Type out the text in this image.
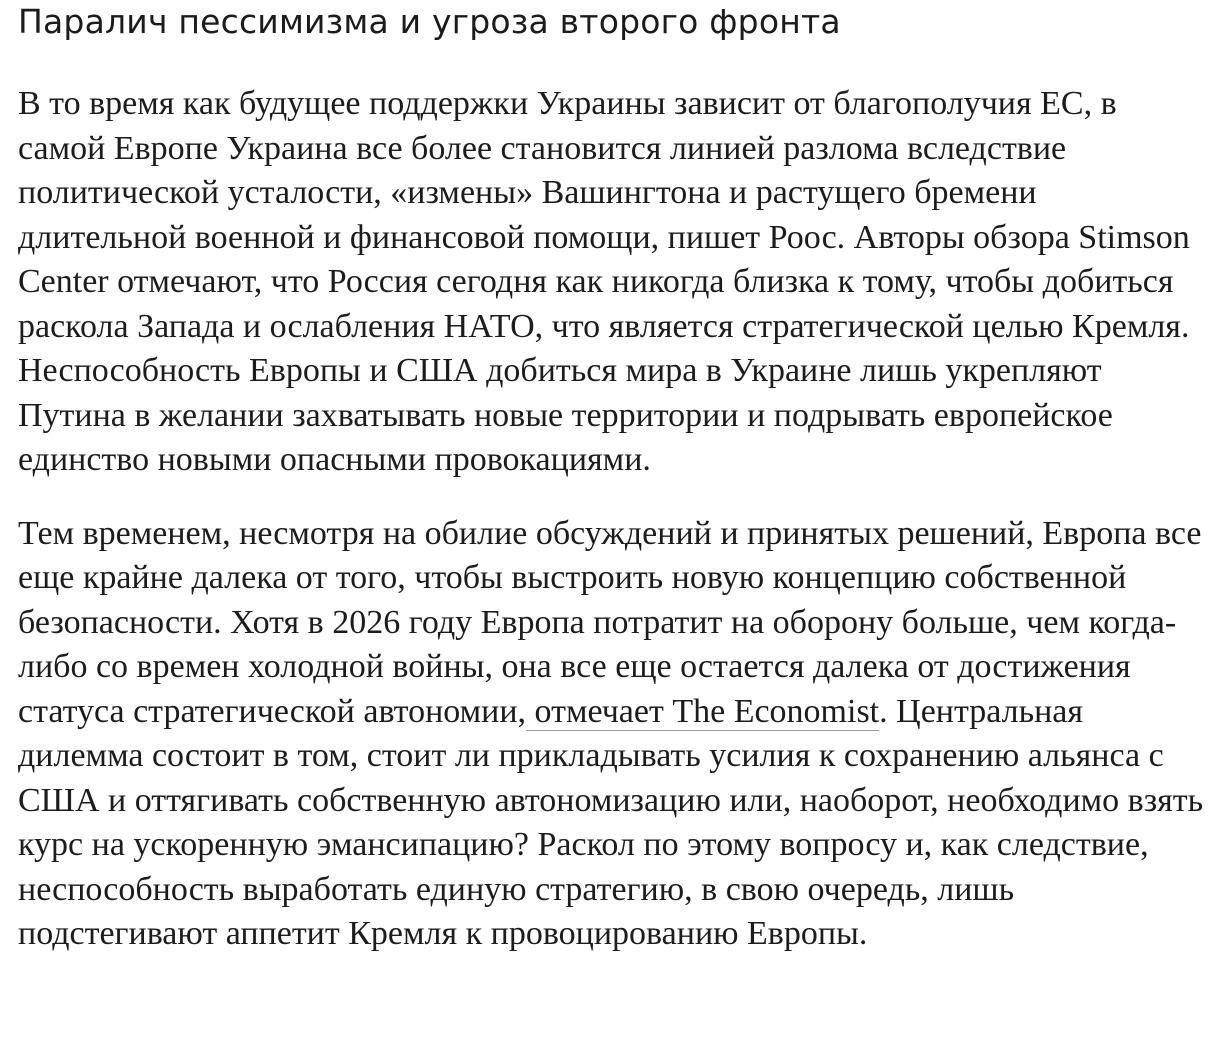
Паралич пессимизма и угроза второго фронта

В то время как будущее поддержки Украины зависит от благополучия ЕС, в самой Европе Украина все более становится линией разлома вследствие политической усталости, «измены» Вашингтона и растущего бремени длительной военной и финансовой помощи, пишет Роос. Авторы обзора Stimson Center отмечают, что Россия сегодня как никогда близка к тому, чтобы добиться раскола Запада и ослабления НАТО, что является стратегической целью Кремля. Неспособность Европы и США добиться мира в Украине лишь укрепляют Путина в желании захватывать новые территории и подрывать европейское единство новыми опасными провокациями.

Тем временем, несмотря на обилие обсуждений и принятых решений, Европа все еще крайне далека от того, чтобы выстроить новую концепцию собственной безопасности. Хотя в 2026 году Европа потратит на оборону больше, чем когда-либо со времен холодной войны, она все еще остается далека от достижения статуса стратегической автономии, отмечает The Economist. Центральная дилемма состоит в том, стоит ли прикладывать усилия к сохранению альянса с США и оттягивать собственную автономизацию или, наоборот, необходимо взять курс на ускоренную эмансипацию? Раскол по этому вопросу и, как следствие, неспособность выработать единую стратегию, в свою очередь, лишь подстегивают аппетит Кремля к провоцированию Европы.
